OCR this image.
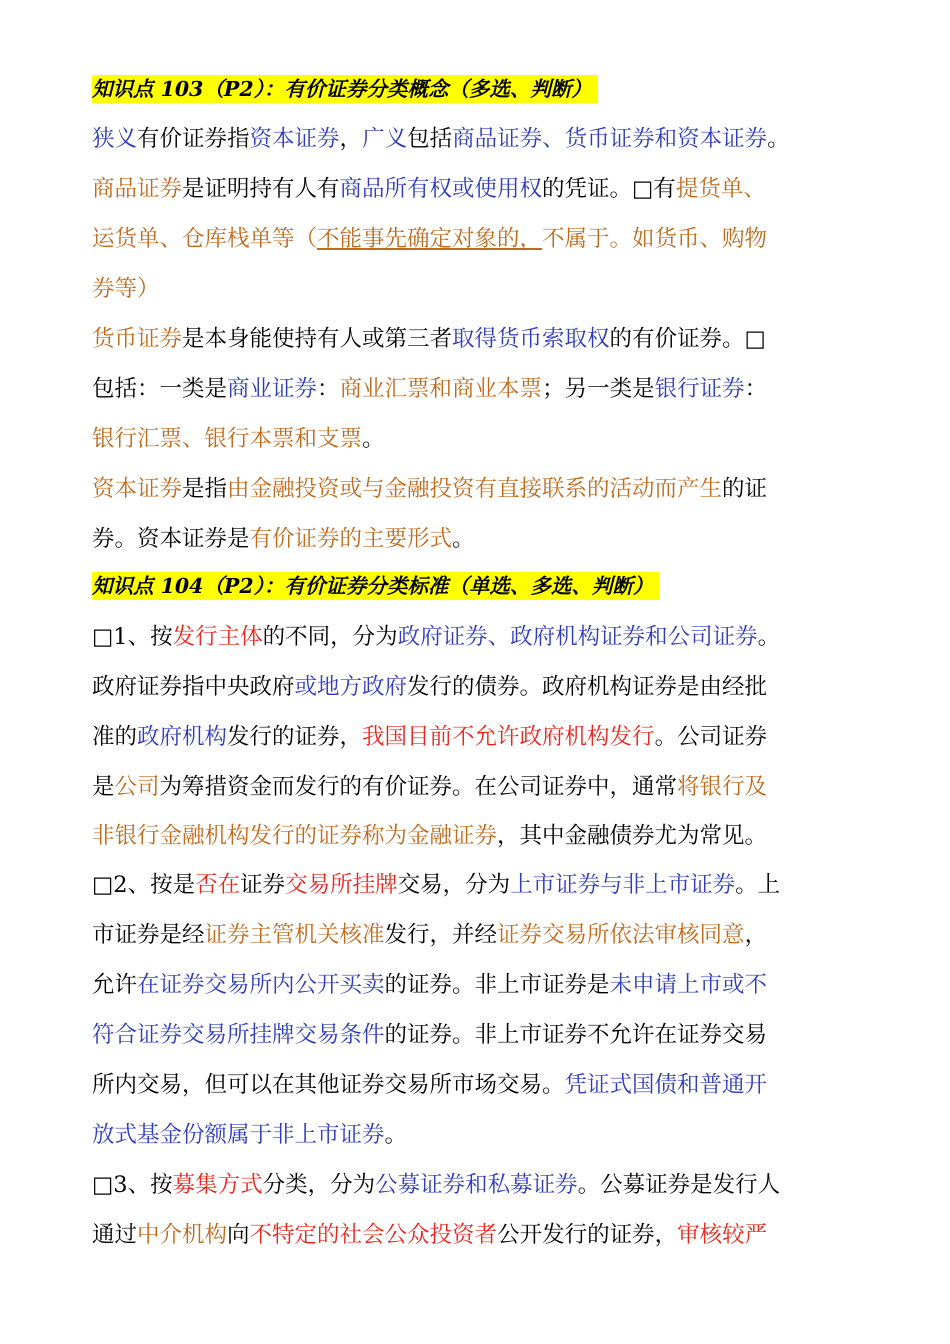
知识点 103（P2）：有价证券分类概念（多选、判断）
狭义有价证券指资本证券，广义包括商品证券、货币证券和资本证券。
商品证券是证明持有人有商品所有权或使用权的凭证。□有提货单、
运货单、仓库栈单等（不能事先确定对象的，不属于。如货币、购物
券等）
货币证券是本身能使持有人或第三者取得货币索取权的有价证券。□
包括：一类是商业证券：商业汇票和商业本票；另一类是银行证券：
银行汇票、银行本票和支票。
资本证券是指由金融投资或与金融投资有直接联系的活动而产生的证
券。资本证券是有价证券的主要形式。
知识点 104（P2）：有价证券分类标准（单选、多选、判断）
□1、按发行主体的不同，分为政府证券、政府机构证券和公司证券。
政府证券指中央政府或地方政府发行的债券。政府机构证券是由经批
准的政府机构发行的证券，我国目前不允许政府机构发行。公司证券
是公司为筹措资金而发行的有价证券。在公司证券中，通常将银行及
非银行金融机构发行的证券称为金融证券，其中金融债券尤为常见。
□2、按是否在证券交易所挂牌交易，分为上市证券与非上市证券。上
市证券是经证券主管机关核准发行，并经证券交易所依法审核同意，
允许在证券交易所内公开买卖的证券。非上市证券是未申请上市或不
符合证券交易所挂牌交易条件的证券。非上市证券不允许在证券交易
所内交易，但可以在其他证券交易所市场交易。凭证式国债和普通开
放式基金份额属于非上市证券。
□3、按募集方式分类，分为公募证券和私募证券。公募证券是发行人
通过中介机构向不特定的社会公众投资者公开发行的证券，审核较严
